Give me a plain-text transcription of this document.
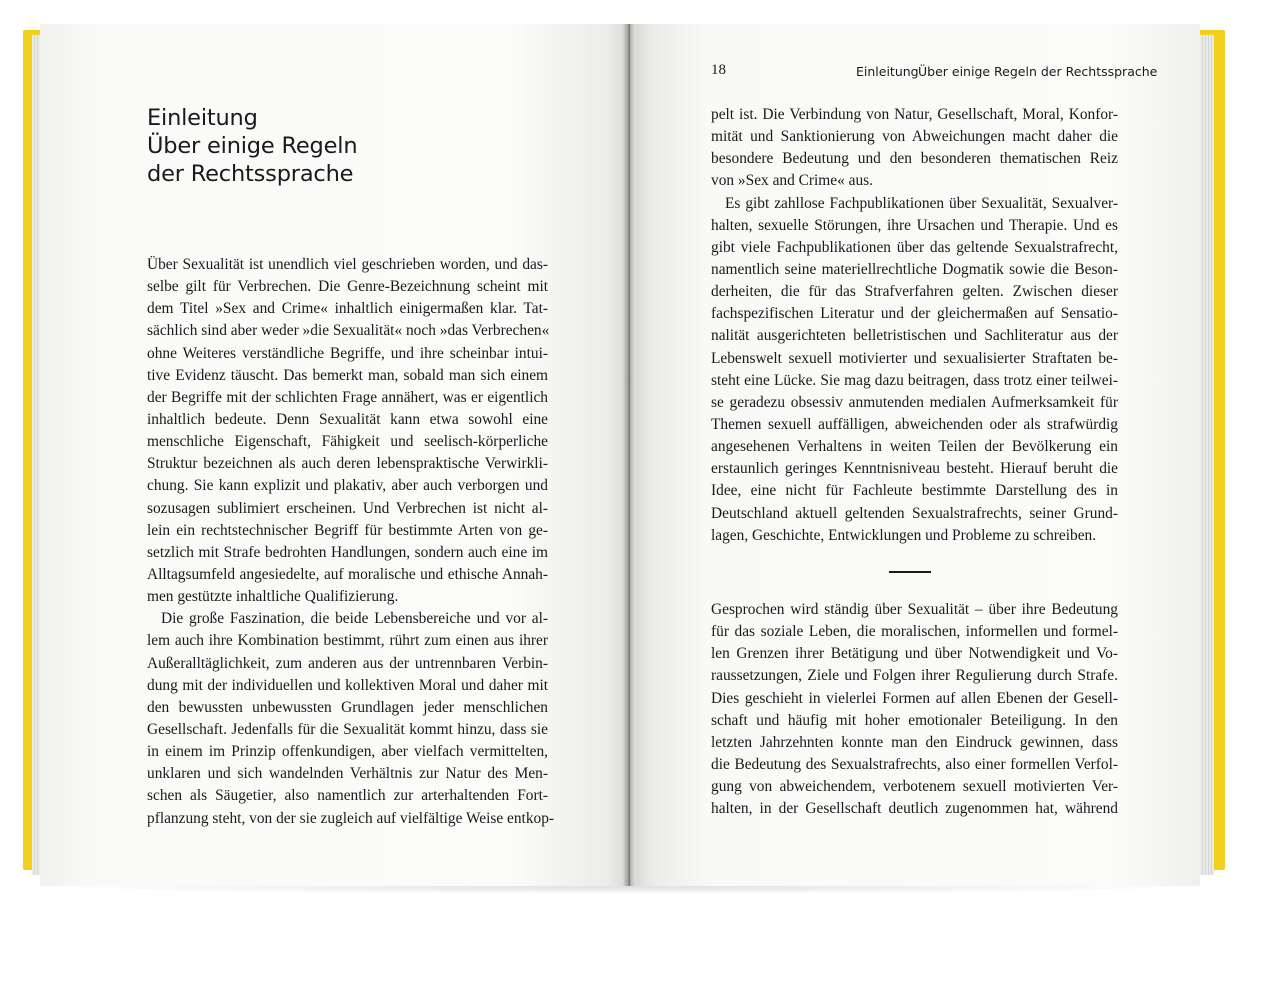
Einleitung
Über einige Regeln
der Rechtssprache
Über Sexualität ist unendlich viel geschrieben worden, und das-
selbe gilt für Verbrechen. Die Genre-Bezeichnung scheint mit
dem Titel »Sex and Crime« inhaltlich einigermaßen klar. Tat-
sächlich sind aber weder »die Sexualität« noch »das Verbrechen«
ohne Weiteres verständliche Begriffe, und ihre scheinbar intui-
tive Evidenz täuscht. Das bemerkt man, sobald man sich einem
der Begriffe mit der schlichten Frage annähert, was er eigentlich
inhaltlich bedeute. Denn Sexualität kann etwa sowohl eine
menschliche Eigenschaft, Fähigkeit und seelisch-körperliche
Struktur bezeichnen als auch deren lebenspraktische Verwirkli-
chung. Sie kann explizit und plakativ, aber auch verborgen und
sozusagen sublimiert erscheinen. Und Verbrechen ist nicht al-
lein ein rechtstechnischer Begriff für bestimmte Arten von ge-
setzlich mit Strafe bedrohten Handlungen, sondern auch eine im
Alltagsumfeld angesiedelte, auf moralische und ethische Annah-
men gestützte inhaltliche Qualifizierung.
Die große Faszination, die beide Lebensbereiche und vor al-
lem auch ihre Kombination bestimmt, rührt zum einen aus ihrer
Außeralltäglichkeit, zum anderen aus der untrennbaren Verbin-
dung mit der individuellen und kollektiven Moral und daher mit
den bewussten unbewussten Grundlagen jeder menschlichen
Gesellschaft. Jedenfalls für die Sexualität kommt hinzu, dass sie
in einem im Prinzip offenkundigen, aber vielfach vermittelten,
unklaren und sich wandelnden Verhältnis zur Natur des Men-
schen als Säugetier, also namentlich zur arterhaltenden Fort-
pflanzung steht, von der sie zugleich auf vielfältige Weise entkop-
18	Einleitung Über einige Regeln der Rechtssprache
pelt ist. Die Verbindung von Natur, Gesellschaft, Moral, Konfor-
mität und Sanktionierung von Abweichungen macht daher die
besondere Bedeutung und den besonderen thematischen Reiz
von »Sex and Crime« aus.
Es gibt zahllose Fachpublikationen über Sexualität, Sexualver-
halten, sexuelle Störungen, ihre Ursachen und Therapie. Und es
gibt viele Fachpublikationen über das geltende Sexualstrafrecht,
namentlich seine materiellrechtliche Dogmatik sowie die Beson-
derheiten, die für das Strafverfahren gelten. Zwischen dieser
fachspezifischen Literatur und der gleichermaßen auf Sensatio-
nalität ausgerichteten belletristischen und Sachliteratur aus der
Lebenswelt sexuell motivierter und sexualisierter Straftaten be-
steht eine Lücke. Sie mag dazu beitragen, dass trotz einer teilwei-
se geradezu obsessiv anmutenden medialen Aufmerksamkeit für
Themen sexuell auffälligen, abweichenden oder als strafwürdig
angesehenen Verhaltens in weiten Teilen der Bevölkerung ein
erstaunlich geringes Kenntnisniveau besteht. Hierauf beruht die
Idee, eine nicht für Fachleute bestimmte Darstellung des in
Deutschland aktuell geltenden Sexualstrafrechts, seiner Grund-
lagen, Geschichte, Entwicklungen und Probleme zu schreiben.
Gesprochen wird ständig über Sexualität – über ihre Bedeutung
für das soziale Leben, die moralischen, informellen und formel-
len Grenzen ihrer Betätigung und über Notwendigkeit und Vo-
raussetzungen, Ziele und Folgen ihrer Regulierung durch Strafe.
Dies geschieht in vielerlei Formen auf allen Ebenen der Gesell-
schaft und häufig mit hoher emotionaler Beteiligung. In den
letzten Jahrzehnten konnte man den Eindruck gewinnen, dass
die Bedeutung des Sexualstrafrechts, also einer formellen Verfol-
gung von abweichendem, verbotenem sexuell motivierten Ver-
halten, in der Gesellschaft deutlich zugenommen hat, während
